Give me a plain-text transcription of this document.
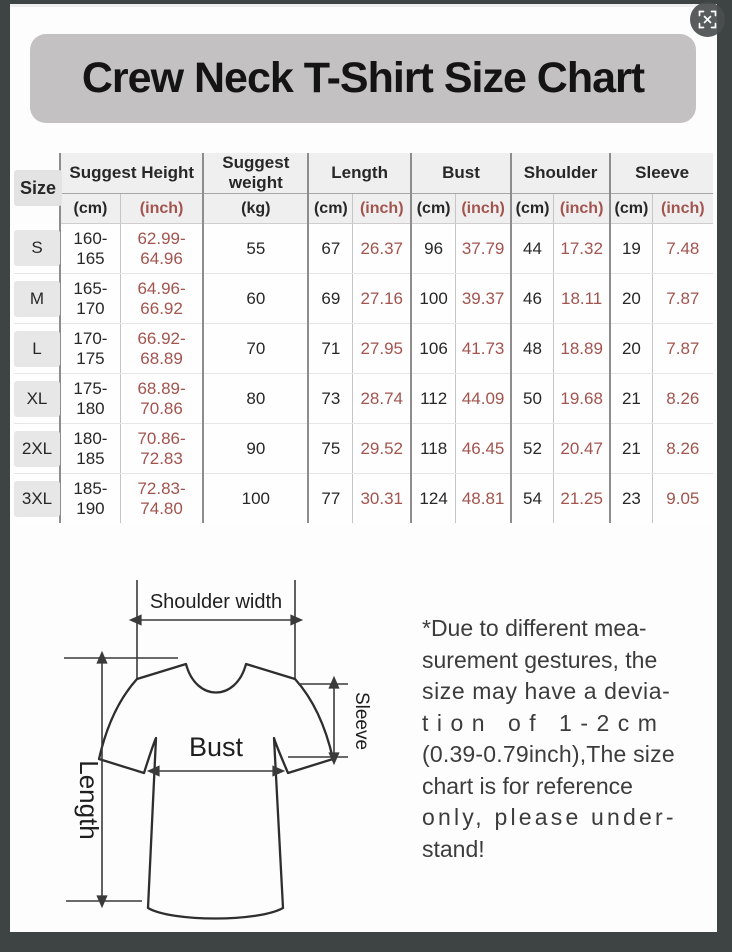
Crew Neck T-Shirt Size Chart
Size	Suggest Height		Suggest weight	Length		Bust		Shoulder		Sleeve	
	(cm)	(inch)	(kg)	(cm)	(inch)	(cm)	(inch)	(cm)	(inch)	(cm)	(inch)
S	160-165	62.99-64.96	55	67	26.37	96	37.79	44	17.32	19	7.48
M	165-170	64.96-66.92	60	69	27.16	100	39.37	46	18.11	20	7.87
L	170-175	66.92-68.89	70	71	27.95	106	41.73	48	18.89	20	7.87
XL	175-180	68.89-70.86	80	73	28.74	112	44.09	50	19.68	21	8.26
2XL	180-185	70.86-72.83	90	75	29.52	118	46.45	52	20.47	21	8.26
3XL	185-190	72.83-74.80	100	77	30.31	124	48.81	54	21.25	23	9.05
Shoulder width
Length
Bust	Sleeve
*Due to different mea-
surement gestures, the
size may have a devia-
tion of 1-2cm
(0.39-0.79inch),The size
chart is for reference
only, please under-
stand!
